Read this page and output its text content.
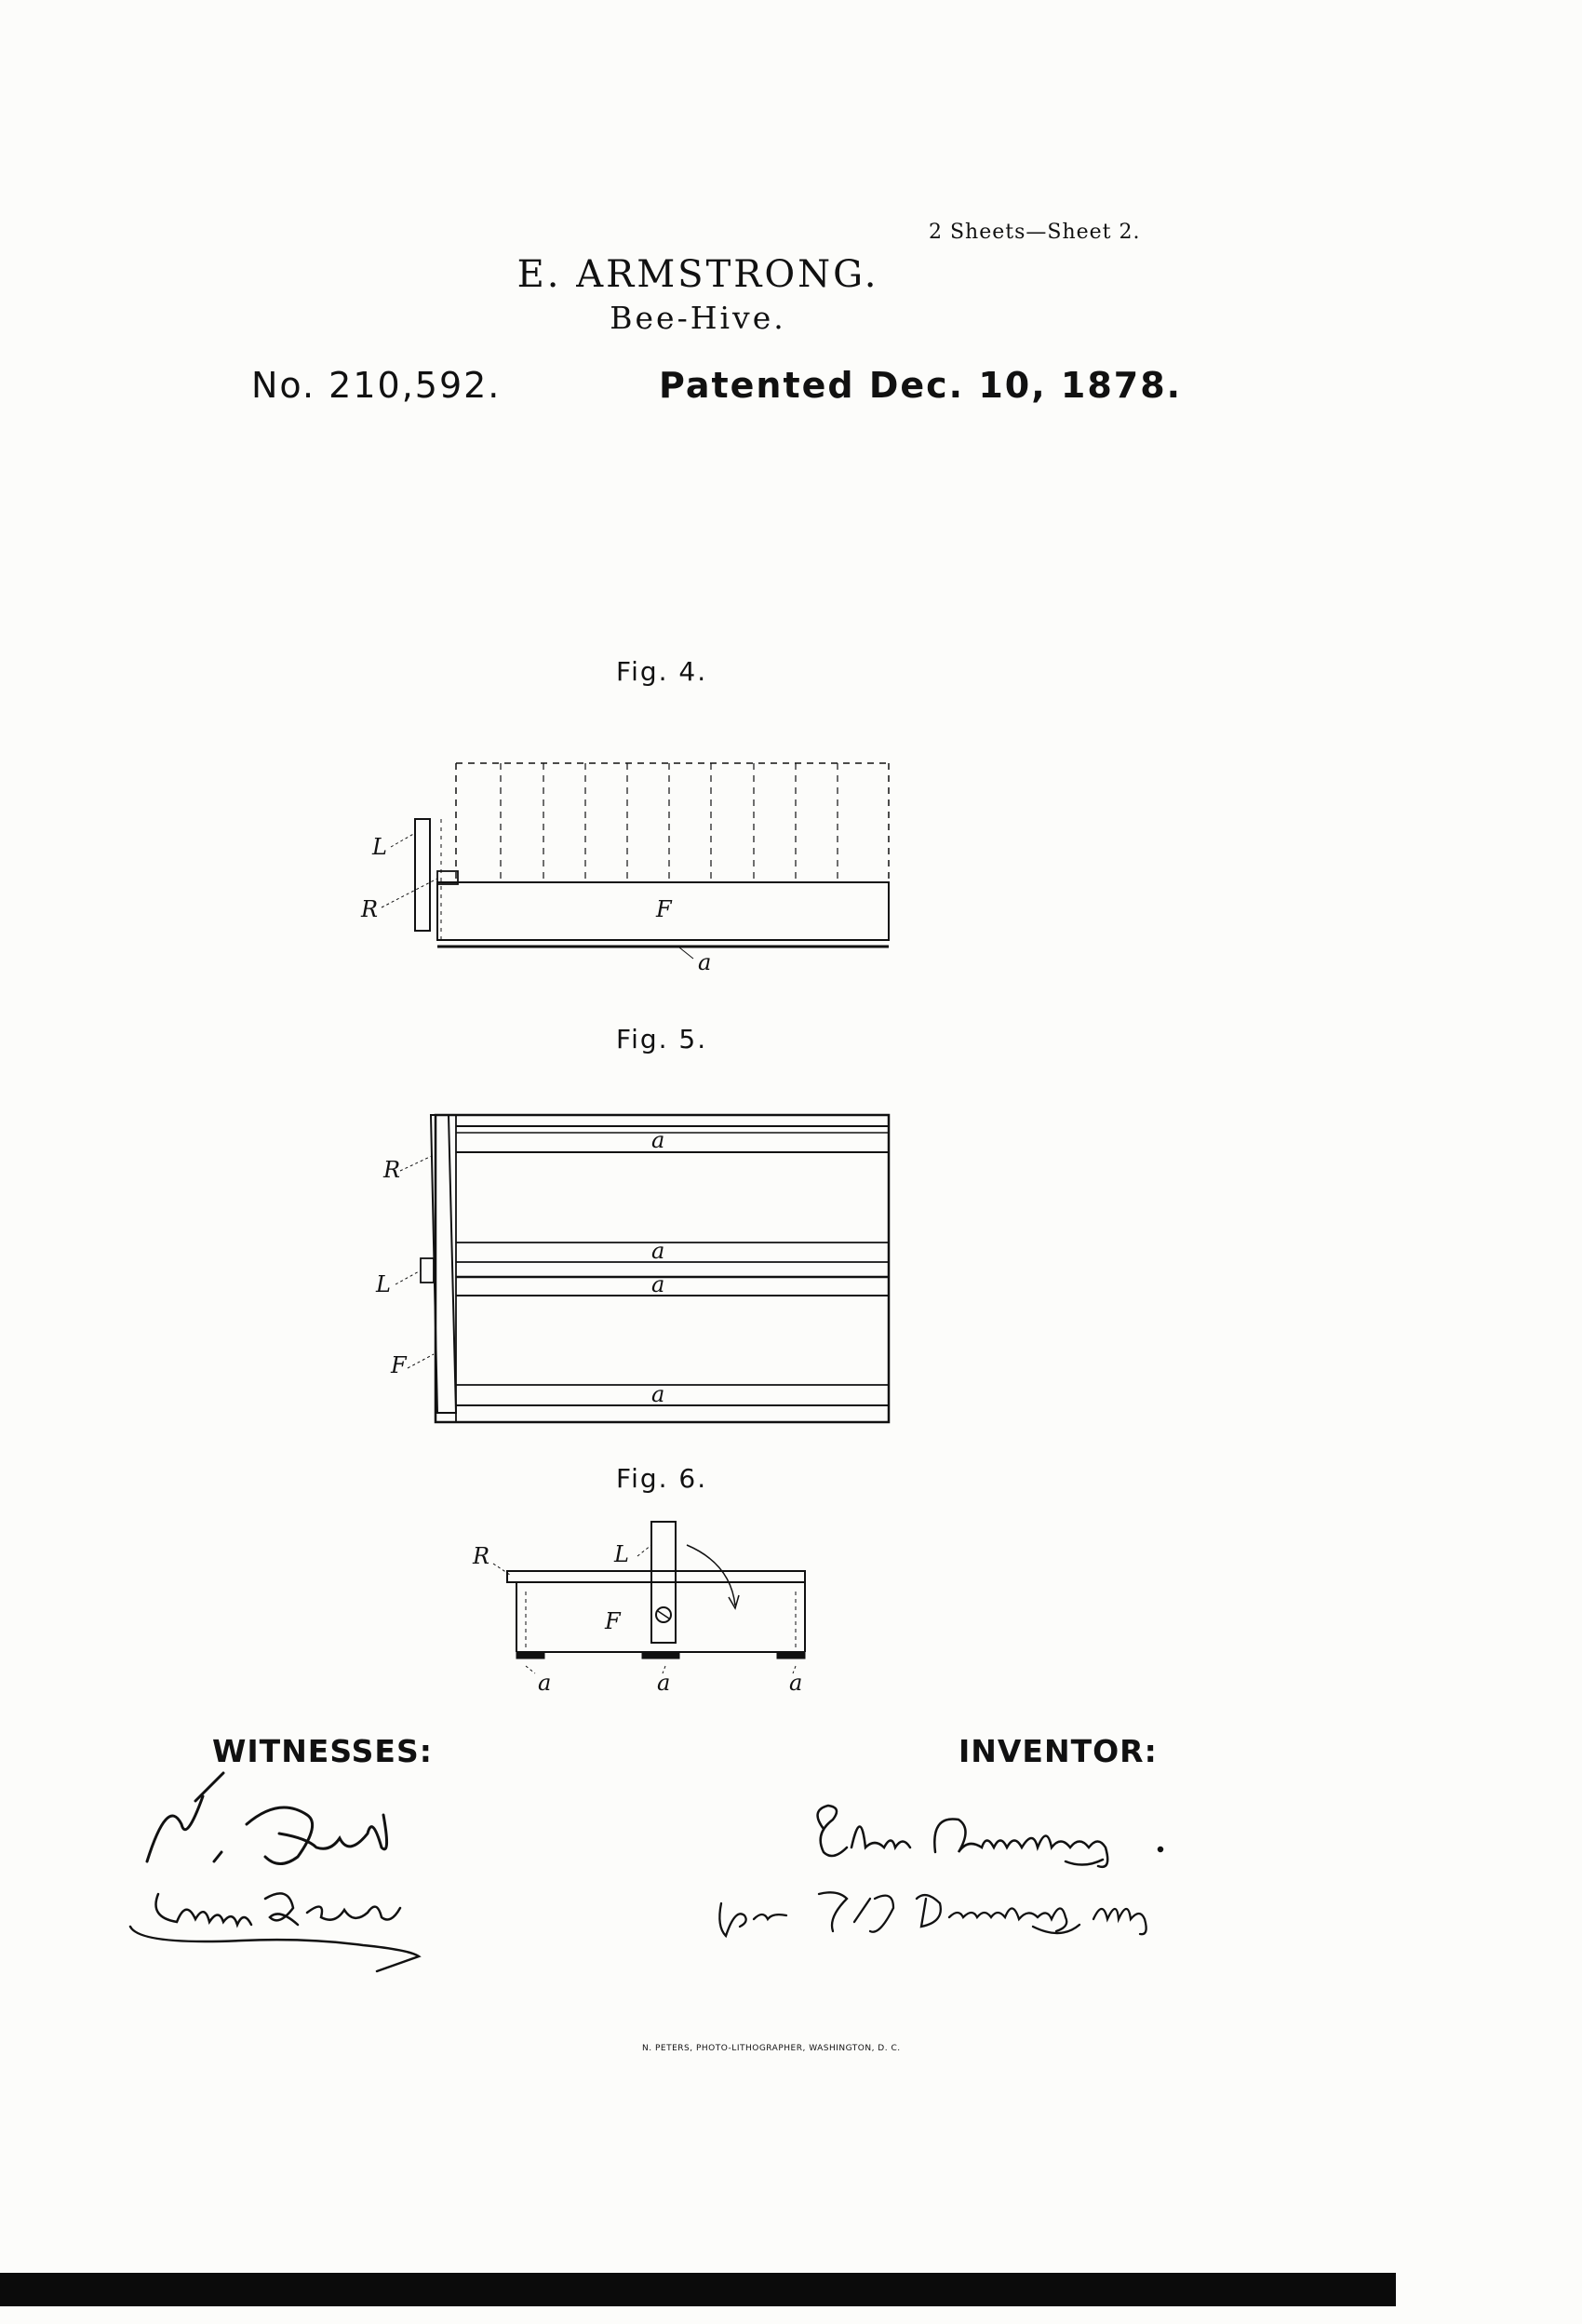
2 Sheets—Sheet 2.
E. ARMSTRONG.
Bee-Hive.
No. 210,592.	Patented Dec. 10, 1878.
Fig. 4.
Fig. 5.
Fig. 6.
L
R	F
a
R
L
F
a
a
a
a
R	L
F
a	a	a
WITNESSES:	INVENTOR:
N. PETERS, PHOTO-LITHOGRAPHER, WASHINGTON, D. C.
